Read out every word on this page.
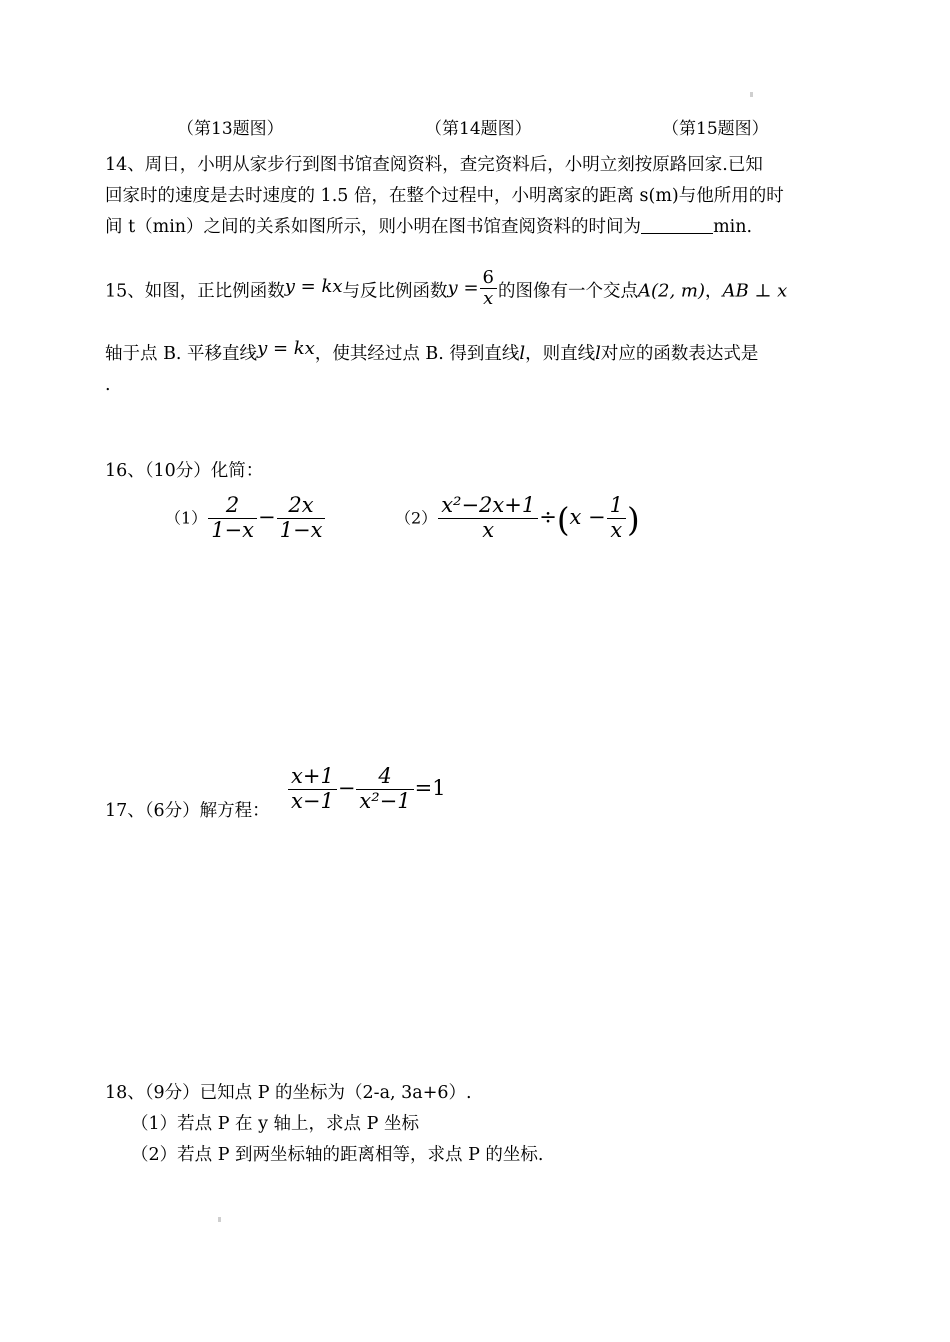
（第13题图）	（第14题图）	（第15题图）
14、周日，小明从家步行到图书馆查阅资料，查完资料后，小明立刻按原路回家.已知
回家时的速度是去时速度的 1.5 倍，在整个过程中，小明离家的距离 s(m)与他所用的时
间 t（min）之间的关系如图所示，则小明在图书馆查阅资料的时间为	min.
15、如图，正比例函数y = kx与反比例函数$y = \frac{6}{x}$ 的图像有一个交点A(2, m)，AB ⊥ x
轴于点 B. 平移直线y = kx，使其经过点 B. 得到直线l，则直线l对应的函数表达式是
.
16、（10分）化简：
$(1) \frac{2}{1-x} - \frac{2x}{1-x}$	$(2) \frac{\text{x²−2x+1}}{x} \div(x - \frac{1}{x}$ )
17、（6分）解方程： $\frac{x+1}{x-1} - \frac{4}{\text{x²−1}} =1$
18、（9分）已知点 P 的坐标为（2-a, 3a+6）.
（1）若点 P 在 y 轴上，求点 P 坐标
（2）若点 P 到两坐标轴的距离相等，求点 P 的坐标.
